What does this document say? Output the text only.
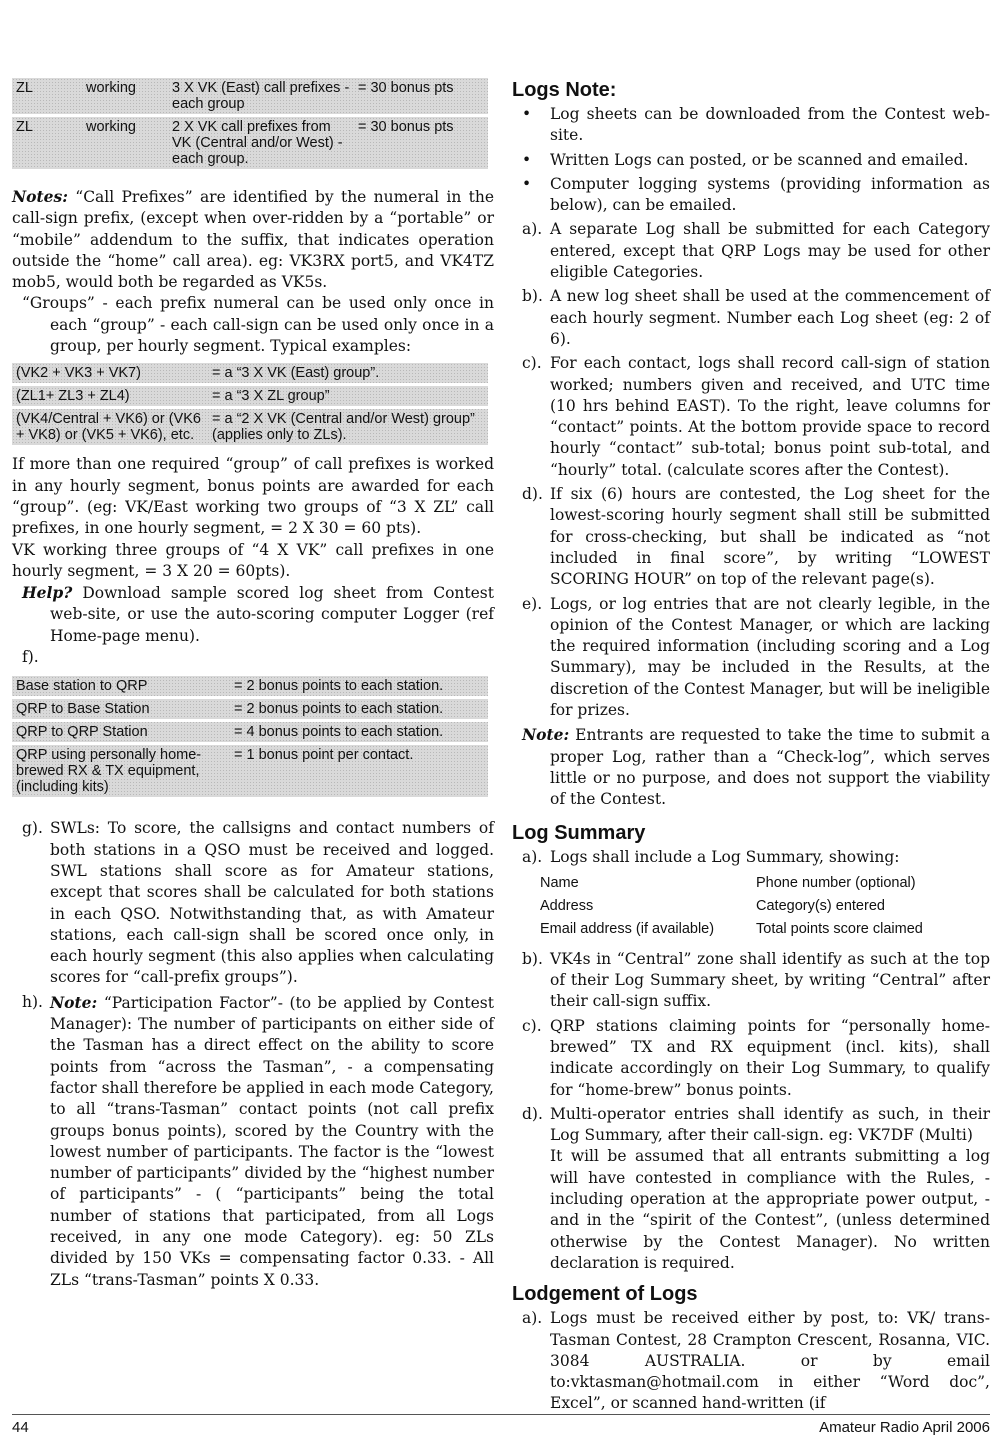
ZL	working	3 X VK (East) call prefixes - each group	= 30 bonus pts
ZL	working	2 X VK call prefixes from VK (Central and/or West) - each group.	= 30 bonus pts

Notes: “Call Prefixes” are identified by the numeral in the call-sign prefix, (except when over-ridden by a “portable” or “mobile” addendum to the suffix, that indicates operation outside the “home” call area). eg: VK3RX port5, and VK4TZ mob5, would both be regarded as VK5s.

“Groups” - each prefix numeral can be used only once in each “group” - each call-sign can be used only once in a group, per hourly segment. Typical examples:

(VK2 + VK3 + VK7)	= a “3 X VK (East) group”.
(ZL1+ ZL3 + ZL4)	= a “3 X ZL group”
(VK4/Central + VK6) or (VK6 + VK8) or (VK5 + VK6), etc.	= a “2 X VK (Central and/or West) group” (applies only to ZLs).

If more than one required “group” of call prefixes is worked in any hourly segment, bonus points are awarded for each “group”. (eg: VK/East working two groups of “3 X ZL” call prefixes, in one hourly segment, = 2 X 30 = 60 pts).

VK working three groups of “4 X VK” call prefixes in one hourly segment, = 3 X 20 = 60pts).

Help? Download sample scored log sheet from Contest web-site, or use the auto-scoring computer Logger (ref Home-page menu).

f).

Base station to QRP	= 2 bonus points to each station.
QRP to Base Station	= 2 bonus points to each station.
QRP to QRP Station	= 4 bonus points to each station.
QRP using personally home-brewed RX & TX equipment, (including kits)	= 1 bonus point per contact.
g). SWLs: To score, the callsigns and contact numbers of both stations in a QSO must be received and logged. SWL stations shall score as for Amateur stations, except that scores shall be calculated for both stations in each QSO. Notwithstanding that, as with Amateur stations, each call-sign shall be scored once only, in each hourly segment (this also applies when calculating scores for “call-prefix groups”).
h). Note: “Participation Factor”- (to be applied by Contest Manager): The number of participants on either side of the Tasman has a direct effect on the ability to score points from “across the Tasman”, - a compensating factor shall therefore be applied in each mode Category, to all “trans-Tasman” contact points (not call prefix groups bonus points), scored by the Country with the lowest number of participants. The factor is the “lowest number of participants” divided by the “highest number of participants” - ( “participants” being the total number of stations that participated, from all Logs received, in any one mode Category). eg: 50 ZLs divided by 150 VKs = compensating factor 0.33. - All ZLs “trans-Tasman” points X 0.33.
Logs Note:
• Log sheets can be downloaded from the Contest web-site.
• Written Logs can posted, or be scanned and emailed.
• Computer logging systems (providing information as below), can be emailed.
a). A separate Log shall be submitted for each Category entered, except that QRP Logs may be used for other eligible Categories.
b). A new log sheet shall be used at the commencement of each hourly segment. Number each Log sheet (eg: 2 of 6).
c). For each contact, logs shall record call-sign of station worked; numbers given and received, and UTC time (10 hrs behind EAST). To the right, leave columns for “contact” points. At the bottom provide space to record hourly “contact” sub-total; bonus point sub-total, and “hourly” total. (calculate scores after the Contest).
d). If six (6) hours are contested, the Log sheet for the lowest-scoring hourly segment shall still be submitted for cross-checking, but shall be indicated as “not included in final score”, by writing “LOWEST SCORING HOUR” on top of the relevant page(s).
e). Logs, or log entries that are not clearly legible, in the opinion of the Contest Manager, or which are lacking the required information (including scoring and a Log Summary), may be included in the Results, at the discretion of the Contest Manager, but will be ineligible for prizes.

Note: Entrants are requested to take the time to submit a proper Log, rather than a “Check-log”, which serves little or no purpose, and does not support the viability of the Contest.

Log Summary
a). Logs shall include a Log Summary, showing:
Name	Phone number (optional)
Address	Category(s) entered
Email address (if available)	Total points score claimed
b). VK4s in “Central” zone shall identify as such at the top of their Log Summary sheet, by writing “Central” after their call-sign suffix.
c). QRP stations claiming points for “personally home-brewed” TX and RX equipment (incl. kits), shall indicate accordingly on their Log Summary, to qualify for “home-brew” bonus points.
d). Multi-operator entries shall identify as such, in their Log Summary, after their call-sign. eg: VK7DF (Multi)

It will be assumed that all entrants submitting a log will have contested in compliance with the Rules, - including operation at the appropriate power output, - and in the “spirit of the Contest”, (unless determined otherwise by the Contest Manager). No written declaration is required.

Lodgement of Logs
a). Logs must be received either by post, to: VK/ trans-Tasman Contest, 28 Crampton Crescent, Rosanna, VIC. 3084 AUSTRALIA. or by email to:vktasman@hotmail.com in either “Word doc”, Excel”, or scanned hand-written (if
44	Amateur Radio April 2006
